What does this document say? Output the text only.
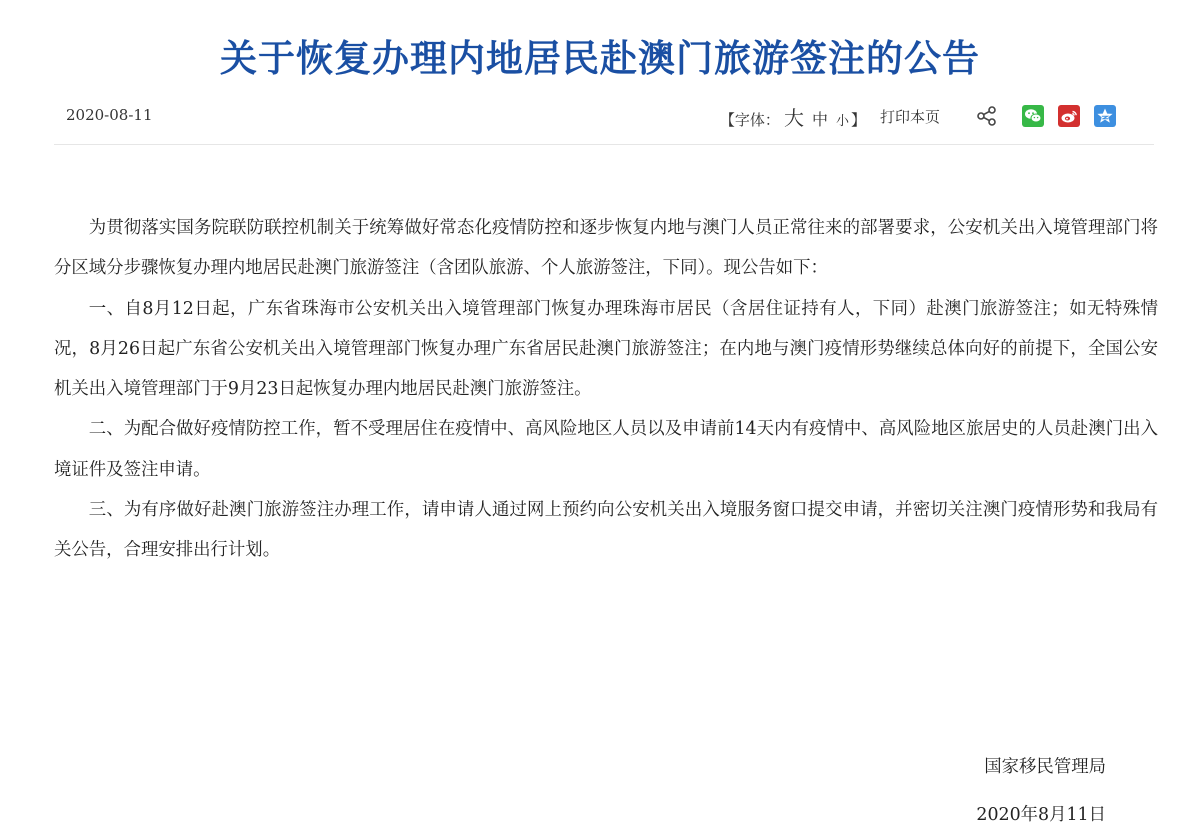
关于恢复办理内地居民赴澳门旅游签注的公告
2020-08-11	【字体： 大 中 小 】 打印本页

为贯彻落实国务院联防联控机制关于统筹做好常态化疫情防控和逐步恢复内地与澳门人员正常往来的部署要求，公安机关出入境管理部门将分区域分步骤恢复办理内地居民赴澳门旅游签注（含团队旅游、个人旅游签注，下同）。现公告如下：

一、自8月12日起，广东省珠海市公安机关出入境管理部门恢复办理珠海市居民（含居住证持有人，下同）赴澳门旅游签注；如无特殊情况，8月26日起广东省公安机关出入境管理部门恢复办理广东省居民赴澳门旅游签注；在内地与澳门疫情形势继续总体向好的前提下，全国公安机关出入境管理部门于9月23日起恢复办理内地居民赴澳门旅游签注。

二、为配合做好疫情防控工作，暂不受理居住在疫情中、高风险地区人员以及申请前14天内有疫情中、高风险地区旅居史的人员赴澳门出入境证件及签注申请。

三、为有序做好赴澳门旅游签注办理工作，请申请人通过网上预约向公安机关出入境服务窗口提交申请，并密切关注澳门疫情形势和我局有关公告，合理安排出行计划。

国家移民管理局
2020年8月11日
